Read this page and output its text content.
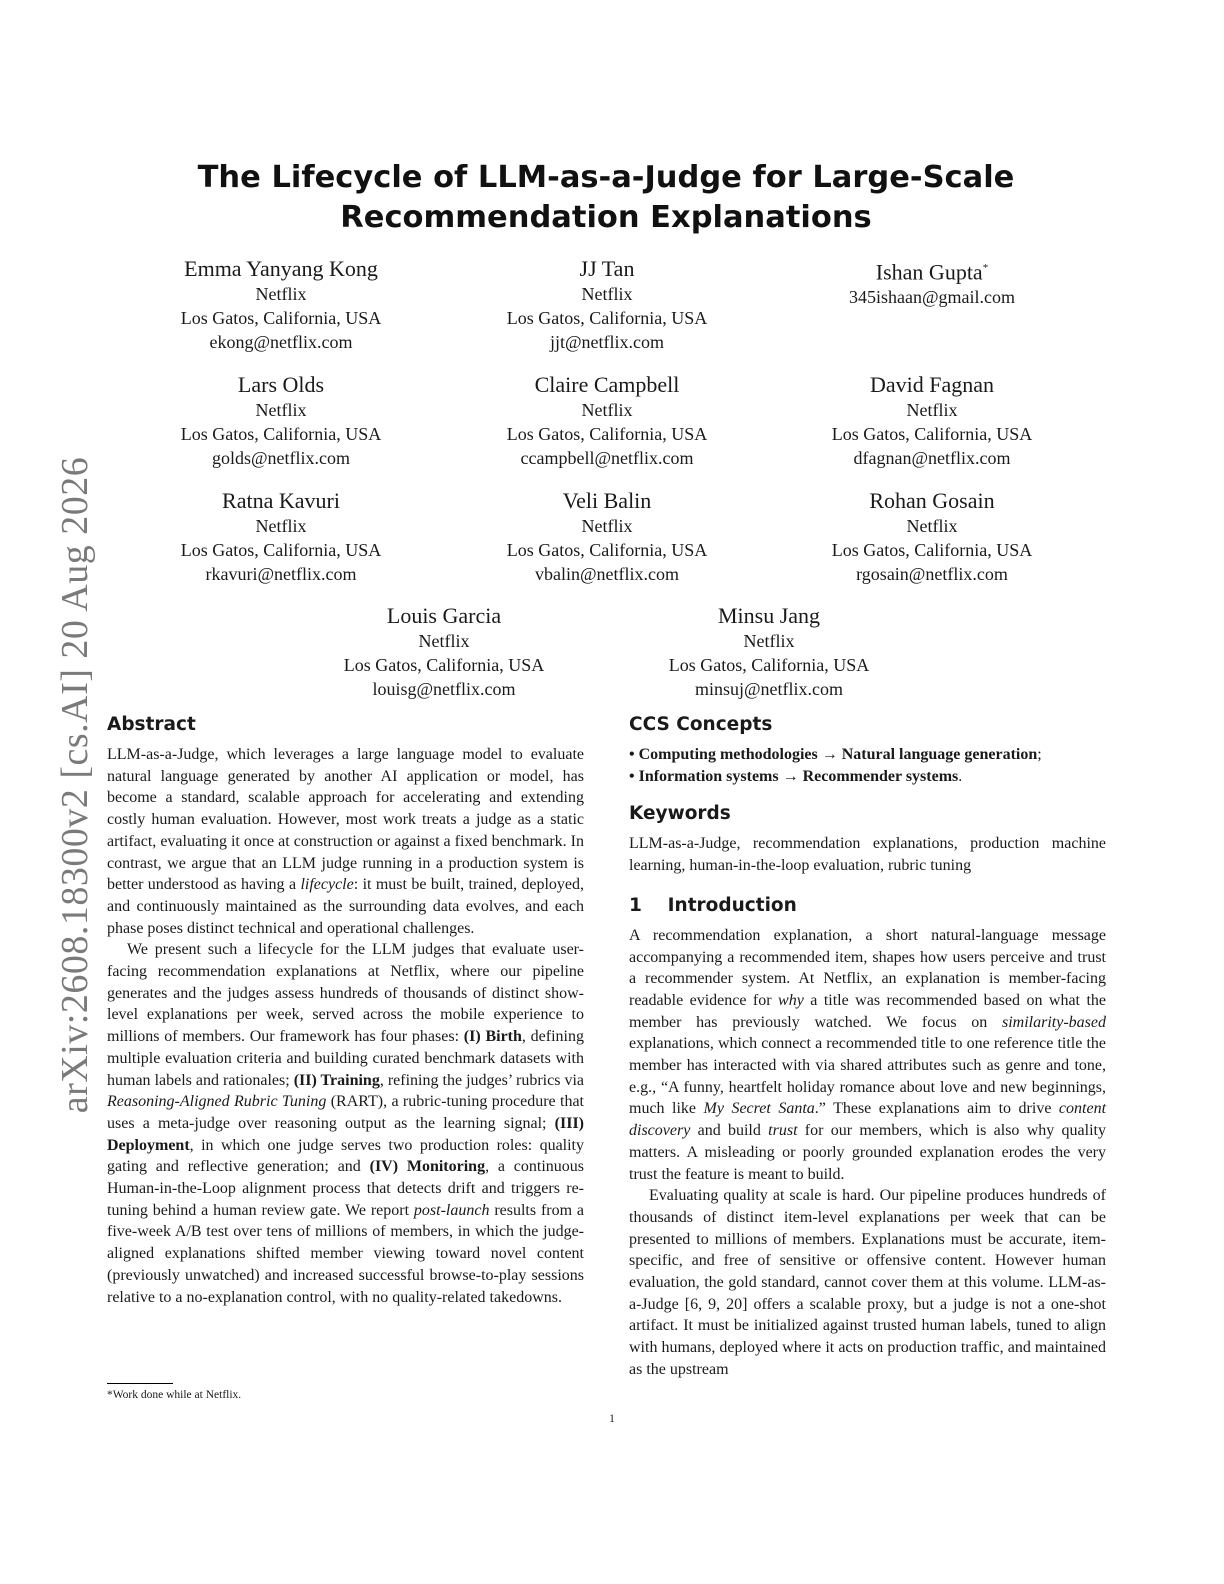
arXiv:2608.18300v2 [cs.AI] 20 Aug 2026
The Lifecycle of LLM-as-a-Judge for Large-Scale
Recommendation Explanations
Emma Yanyang Kong
Netflix
Los Gatos, California, USA
ekong@netflix.com
JJ Tan
Netflix
Los Gatos, California, USA
jjt@netflix.com
Ishan Gupta*
345ishaan@gmail.com
Lars Olds
Netflix
Los Gatos, California, USA
golds@netflix.com
Claire Campbell
Netflix
Los Gatos, California, USA
ccampbell@netflix.com
David Fagnan
Netflix
Los Gatos, California, USA
dfagnan@netflix.com
Ratna Kavuri
Netflix
Los Gatos, California, USA
rkavuri@netflix.com
Veli Balin
Netflix
Los Gatos, California, USA
vbalin@netflix.com
Rohan Gosain
Netflix
Los Gatos, California, USA
rgosain@netflix.com
Louis Garcia
Netflix
Los Gatos, California, USA
louisg@netflix.com
Minsu Jang
Netflix
Los Gatos, California, USA
minsuj@netflix.com
Abstract

LLM-as-a-Judge, which leverages a large language model to evaluate natural language generated by another AI application or model, has become a standard, scalable approach for accelerating and extending costly human evaluation. However, most work treats a judge as a static artifact, evaluating it once at construction or against a fixed benchmark. In contrast, we argue that an LLM judge running in a production system is better understood as having a lifecycle: it must be built, trained, deployed, and continuously maintained as the surrounding data evolves, and each phase poses distinct technical and operational challenges.

We present such a lifecycle for the LLM judges that evaluate user-facing recommendation explanations at Netflix, where our pipeline generates and the judges assess hundreds of thousands of distinct show-level explanations per week, served across the mobile experience to millions of members. Our framework has four phases: (I) Birth, defining multiple evaluation criteria and building curated benchmark datasets with human labels and rationales; (II) Training, refining the judges’ rubrics via Reasoning-Aligned Rubric Tuning (RART), a rubric-tuning procedure that uses a meta-judge over reasoning output as the learning signal; (III) Deployment, in which one judge serves two production roles: quality gating and reflective generation; and (IV) Monitoring, a continuous Human-in-the-Loop alignment process that detects drift and triggers re-tuning behind a human review gate. We report post-launch results from a five-week A/B test over tens of millions of members, in which the judge-aligned explanations shifted member viewing toward novel content (previously unwatched) and increased successful browse-to-play sessions relative to a no-explanation control, with no quality-related takedowns.

CCS Concepts
• Computing methodologies → Natural language generation;
• Information systems → Recommender systems.
Keywords

LLM-as-a-Judge, recommendation explanations, production machine learning, human-in-the-loop evaluation, rubric tuning

1    Introduction

A recommendation explanation, a short natural-language message accompanying a recommended item, shapes how users perceive and trust a recommender system. At Netflix, an explanation is member-facing readable evidence for why a title was recommended based on what the member has previously watched. We focus on similarity-based explanations, which connect a recommended title to one reference title the member has interacted with via shared attributes such as genre and tone, e.g., “A funny, heartfelt holiday romance about love and new beginnings, much like My Secret Santa.” These explanations aim to drive content discovery and build trust for our members, which is also why quality matters. A misleading or poorly grounded explanation erodes the very trust the feature is meant to build.

Evaluating quality at scale is hard. Our pipeline produces hundreds of thousands of distinct item-level explanations per week that can be presented to millions of members. Explanations must be accurate, item-specific, and free of sensitive or offensive content. However human evaluation, the gold standard, cannot cover them at this volume. LLM-as-a-Judge [6, 9, 20] offers a scalable proxy, but a judge is not a one-shot artifact. It must be initialized against trusted human labels, tuned to align with humans, deployed where it acts on production traffic, and maintained as the upstream

*Work done while at Netflix.
1
